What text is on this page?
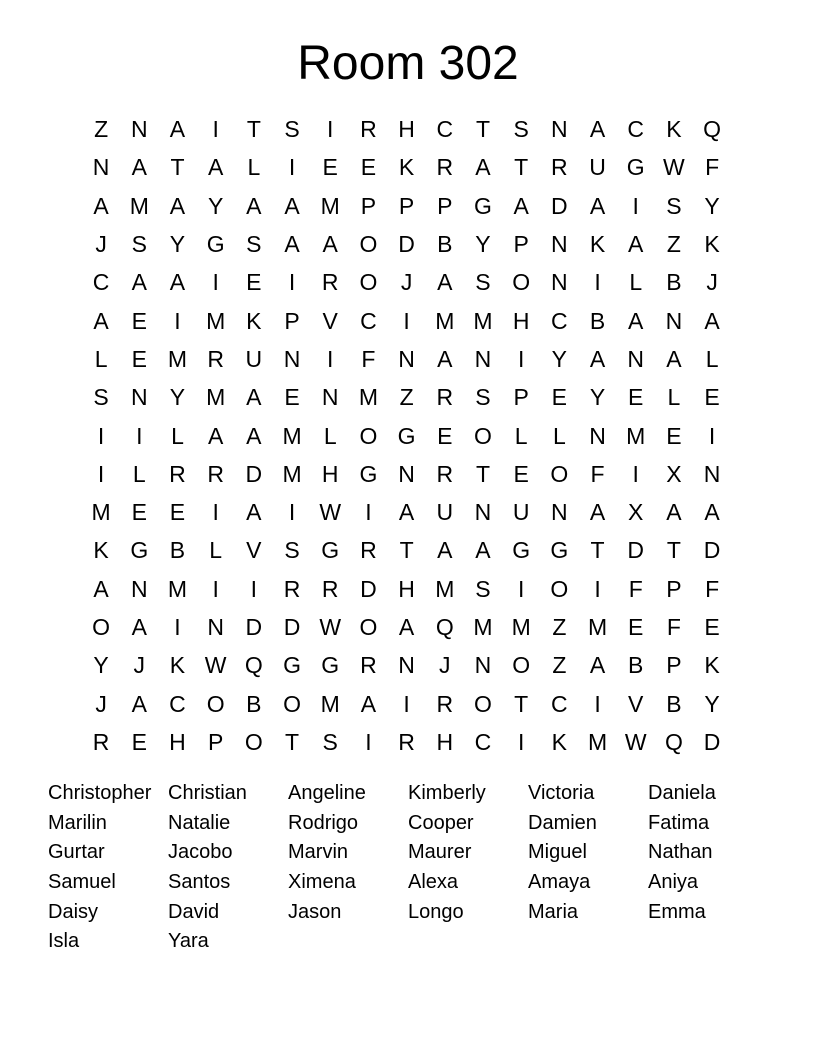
Room 302
Z N A	I	T	S	I	R H C T	S N A C K Q
N A	T	A	L	I	E E K R A	T R U G W F
A M A Y A A M P P P G A D A	I	S Y
J	S Y G S A A O D B Y P N K A	Z	K
C A A	I	E	I	R O	J	A S O N	I	L	B	J
A E	I	M K P V C	I	M M H C B A N A
L	E M R U N	I	F N A N	I	Y A N A	L
S N Y M A E N M Z R S P E Y E	L	E
I	I	L	A A M L O G E O L	L	N M E	I
I	L	R R D M H G N R T	E O F	I	X N
M E E	I	A	I	W	I	A U N U N A X A A
K G B	L	V S G R T	A A G G T D T D
A N M	I	I	R R D H M S	I	O	I	F	P	F
O A	I	N D D W O A Q M M Z M E	F	E
Y	J	K W Q G G R N	J	N O Z	A B P K
J	A C O B O M A	I	R O T C	I	V B Y
R E H P O T	S	I	R H C	I	K M W Q D
Christopher Christian	Angeline	Kimberly	Victoria	Daniela
Marilin	Natalie	Rodrigo	Cooper	Damien	Fatima
Gurtar	Jacobo	Marvin	Maurer	Miguel	Nathan
Samuel	Santos	Ximena	Alexa	Amaya	Aniya
Daisy	David	Jason	Longo	Maria	Emma
Isla	Yara
